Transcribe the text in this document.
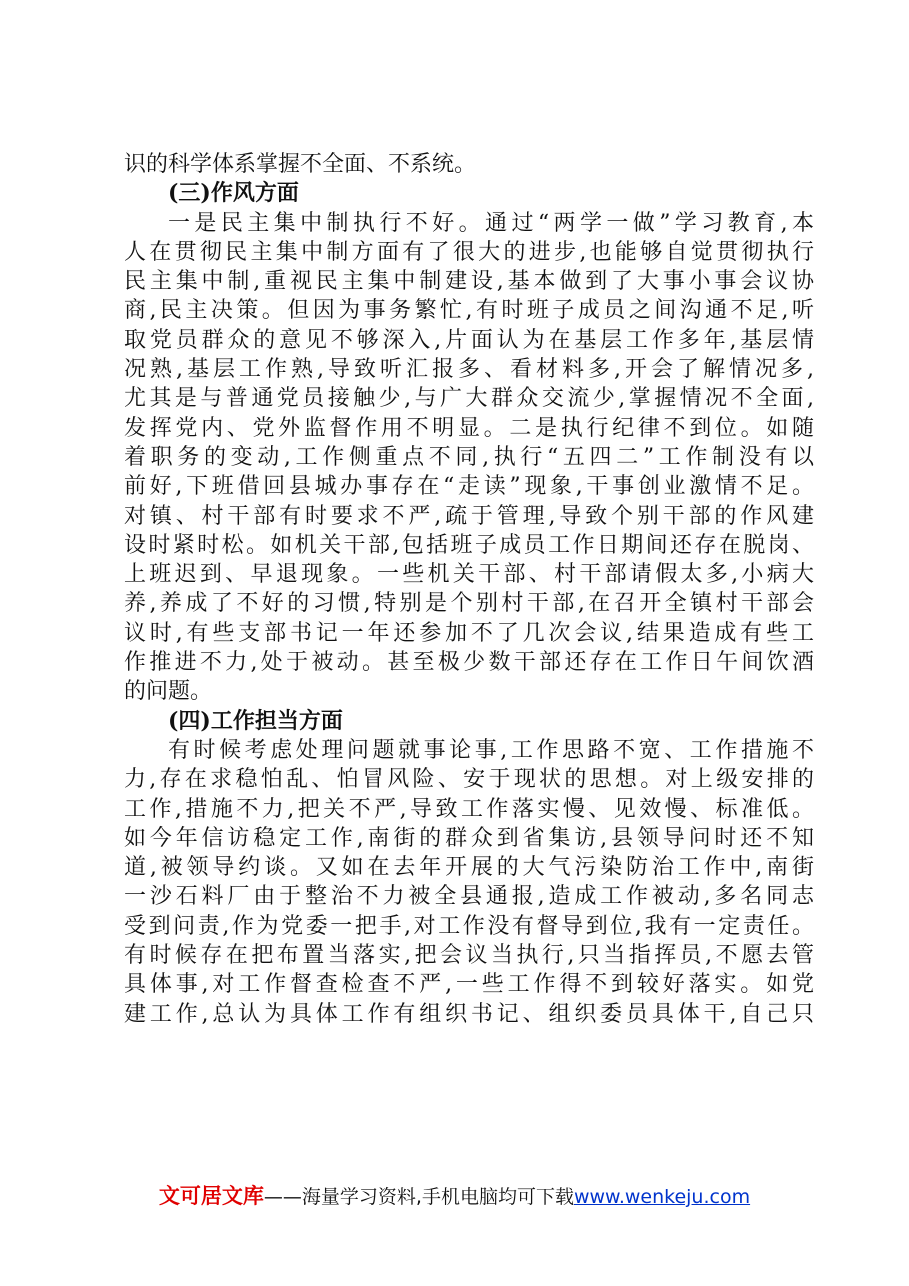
识的科学体系掌握不全面、不系统。
(三)作风方面
一是民主集中制执行不好。通过“两学一做”学习教育,本
人在贯彻民主集中制方面有了很大的进步,也能够自觉贯彻执行
民主集中制,重视民主集中制建设,基本做到了大事小事会议协
商,民主决策。但因为事务繁忙,有时班子成员之间沟通不足,听
取党员群众的意见不够深入,片面认为在基层工作多年,基层情
况熟,基层工作熟,导致听汇报多、看材料多,开会了解情况多,
尤其是与普通党员接触少,与广大群众交流少,掌握情况不全面,
发挥党内、党外监督作用不明显。二是执行纪律不到位。如随
着职务的变动,工作侧重点不同,执行“五四二”工作制没有以
前好,下班借回县城办事存在“走读”现象,干事创业激情不足。
对镇、村干部有时要求不严,疏于管理,导致个别干部的作风建
设时紧时松。如机关干部,包括班子成员工作日期间还存在脱岗、
上班迟到、早退现象。一些机关干部、村干部请假太多,小病大
养,养成了不好的习惯,特别是个别村干部,在召开全镇村干部会
议时,有些支部书记一年还参加不了几次会议,结果造成有些工
作推进不力,处于被动。甚至极少数干部还存在工作日午间饮酒
的问题。
(四)工作担当方面
有时候考虑处理问题就事论事,工作思路不宽、工作措施不
力,存在求稳怕乱、怕冒风险、安于现状的思想。对上级安排的
工作,措施不力,把关不严,导致工作落实慢、见效慢、标准低。
如今年信访稳定工作,南街的群众到省集访,县领导问时还不知
道,被领导约谈。又如在去年开展的大气污染防治工作中,南街
一沙石料厂由于整治不力被全县通报,造成工作被动,多名同志
受到问责,作为党委一把手,对工作没有督导到位,我有一定责任。
有时候存在把布置当落实,把会议当执行,只当指挥员,不愿去管
具体事,对工作督查检查不严,一些工作得不到较好落实。如党
建工作,总认为具体工作有组织书记、组织委员具体干,自己只
文可居文库——海量学习资料,手机电脑均可下载www.wenkeju.com
